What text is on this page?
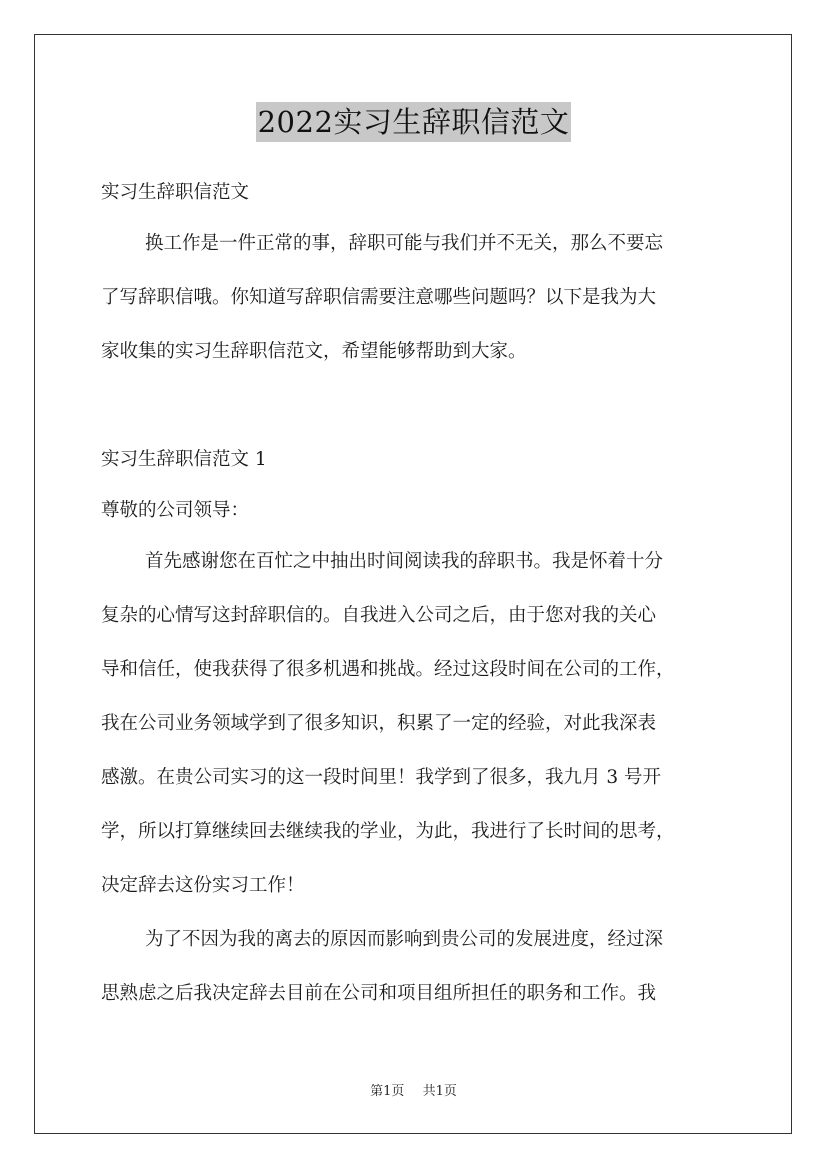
2022实习生辞职信范文
实习生辞职信范文
换工作是一件正常的事，辞职可能与我们并不无关，那么不要忘
了写辞职信哦。你知道写辞职信需要注意哪些问题吗？以下是我为大
家收集的实习生辞职信范文，希望能够帮助到大家。
实习生辞职信范文 1
尊敬的公司领导：
首先感谢您在百忙之中抽出时间阅读我的辞职书。我是怀着十分
复杂的心情写这封辞职信的。自我进入公司之后，由于您对我的关心
导和信任，使我获得了很多机遇和挑战。经过这段时间在公司的工作，
我在公司业务领域学到了很多知识，积累了一定的经验，对此我深表
感激。在贵公司实习的这一段时间里！我学到了很多，我九月 3 号开
学，所以打算继续回去继续我的学业，为此，我进行了长时间的思考，
决定辞去这份实习工作！
为了不因为我的离去的原因而影响到贵公司的发展进度，经过深
思熟虑之后我决定辞去目前在公司和项目组所担任的职务和工作。我
第1页 共1页
